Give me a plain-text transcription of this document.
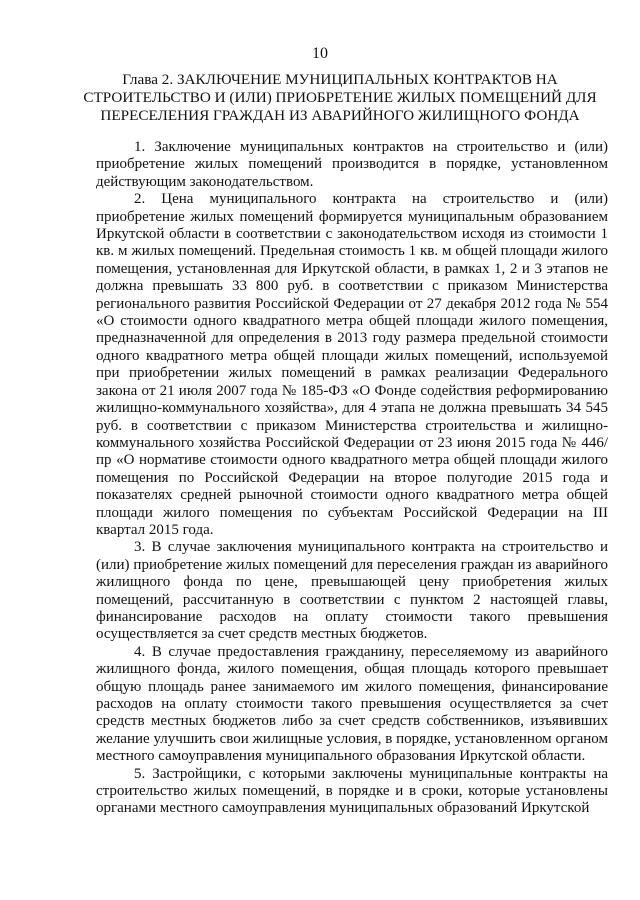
10
Глава 2. ЗАКЛЮЧЕНИЕ МУНИЦИПАЛЬНЫХ КОНТРАКТОВ НА
СТРОИТЕЛЬСТВО И (ИЛИ) ПРИОБРЕТЕНИЕ ЖИЛЫХ ПОМЕЩЕНИЙ ДЛЯ
ПЕРЕСЕЛЕНИЯ ГРАЖДАН ИЗ АВАРИЙНОГО ЖИЛИЩНОГО ФОНДА

1. Заключение муниципальных контрактов на строительство и (или) приобретение жилых помещений производится в порядке, установленном действующим законодательством.

2. Цена муниципального контракта на строительство и (или) приобретение жилых помещений формируется муниципальным образованием Иркутской области в соответствии с законодательством исходя из стоимости 1 кв. м жилых помещений. Предельная стоимость 1 кв. м общей площади жилого помещения, установленная для Иркутской области, в рамках 1, 2 и 3 этапов не должна превышать 33 800 руб. в соответствии с приказом Министерства регионального развития Российской Федерации от 27 декабря 2012 года № 554 «О стоимости одного квадратного метра общей площади жилого помещения, предназначенной для определения в 2013 году размера предельной стоимости одного квадратного метра общей площади жилых помещений, используемой при приобретении жилых помещений в рамках реализации Федерального закона от 21 июля 2007 года № 185-ФЗ «О Фонде содействия реформированию жилищно-коммунального хозяйства», для 4 этапа не должна превышать 34 545 руб. в соответствии с приказом Министерства строительства и жилищно-коммунального хозяйства Российской Федерации от 23 июня 2015 года № 446/пр «О нормативе стоимости одного квадратного метра общей площади жилого помещения по Российской Федерации на второе полугодие 2015 года и показателях средней рыночной стоимости одного квадратного метра общей площади жилого помещения по субъектам Российской Федерации на III квартал 2015 года.

3. В случае заключения муниципального контракта на строительство и (или) приобретение жилых помещений для переселения граждан из аварийного жилищного фонда по цене, превышающей цену приобретения жилых помещений, рассчитанную в соответствии с пунктом 2 настоящей главы, финансирование расходов на оплату стоимости такого превышения осуществляется за счет средств местных бюджетов.

4. В случае предоставления гражданину, переселяемому из аварийного жилищного фонда, жилого помещения, общая площадь которого превышает общую площадь ранее занимаемого им жилого помещения, финансирование расходов на оплату стоимости такого превышения осуществляется за счет средств местных бюджетов либо за счет средств собственников, изъявивших желание улучшить свои жилищные условия, в порядке, установленном органом местного самоуправления муниципального образования Иркутской области.

5. Застройщики, с которыми заключены муниципальные контракты на строительство жилых помещений, в порядке и в сроки, которые установлены органами местного самоуправления муниципальных образований Иркутской
